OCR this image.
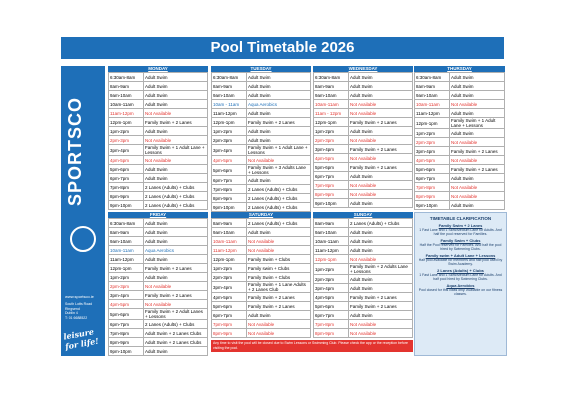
Pool Timetable 2026
SPORTSCO
www.sportsco.ie
South Lotts Road
Ringsend
Dublin 4
T: 01 6688522
leisure for life!
MONDAY
6:30am-8am	Adult Swim
8am-9am	Adult Swim
9am-10am	Adult Swim
10am-11am	Adult Swim
11am-12pm	Not Available
12pm-1pm	Family Swim + 2 Lanes
1pm-2pm	Adult Swim
2pm-3pm	Not Available
3pm-4pm	Family Swim + 1 Adult Lane + Lessons
4pm-5pm	Not Available
5pm-6pm	Adult Swim
6pm-7pm	Adult Swim
7pm-8pm	2 Lanes (Adults) + Clubs
8pm-9pm	2 Lanes (Adults) + Clubs
9pm-10pm	2 Lanes (Adults) + Clubs
TUESDAY
6:30am-8am	Adult Swim
8am-9am	Adult Swim
9am-10am	Adult Swim
10am - 11am	Aqua Aerobics
11am-12pm	Adult Swim
12pm-1pm	Family Swim + 2 Lanes
1pm-2pm	Adult Swim
2pm-3pm	Adult Swim
3pm-4pm	Family Swim + 1 Adult Lane + Lessons
4pm-5pm	Not Available
5pm-6pm	Family Swim + 3 Adults Lane + Lessons
6pm-7pm	Adult Swim
7pm-8pm	2 Lanes (Adults) + Clubs
8pm-9pm	2 Lanes (Adults) + Clubs
9pm-10pm	2 Lanes (Adults) + Clubs
WEDNESDAY
6:30am-8am	Adult Swim
8am-9am	Adult Swim
9am-10am	Adult Swim
10am-11am	Not Available
11am - 12pm	Not Available
12pm-1pm	Family Swim + 2 Lanes
1pm-2pm	Adult Swim
2pm-3pm	Not Available
3pm-4pm	Family Swim + 2 Lanes
4pm-5pm	Not Available
5pm-6pm	Family Swim + 2 Lanes
6pm-7pm	Adult Swim
7pm-8pm	Not Available
8pm-9pm	Not Available
9pm-10pm	Adult Swim
THURSDAY
6:30am-8am	Adult Swim
8am-9am	Adult Swim
9am-10am	Adult Swim
10am-11am	Not Available
11am-12pm	Adult Swim
12pm-1pm	Family Swim + 1 Adult Lane + Lessons
1pm-2pm	Adult Swim
2pm-3pm	Not Available
3pm-4pm	Family Swim + 2 Lanes
4pm-5pm	Not Available
5pm-6pm	Family Swim + 2 Lanes
6pm-7pm	Adult Swim
7pm-8pm	Not Available
8pm-9pm	Not Available
9pm-10pm	Adult Swim
FRIDAY
6:30am-8am	Adult Swim
8am-9am	Adult Swim
9am-10am	Adult Swim
10am-11am	Aqua Aerobics
11am-12pm	Adult Swim
12pm-1pm	Family Swim + 2 Lanes
1pm-2pm	Adult Swim
2pm-3pm	Not Available
3pm-4pm	Family Swim + 2 Lanes
4pm-5pm	Not Available
5pm-6pm	Family Swim + 2 Adult Lanes + Lessons
6pm-7pm	2 Lanes (Adults) + Clubs
7pm-8pm	Adult Swim + 2 Lanes Clubs
8pm-9pm	Adult Swim + 2 Lanes Clubs
9pm-10pm	Adult Swim
SATURDAY
8am-9am	2 Lanes (Adults) + Clubs
9am-10am	Adult Swim
10am-11am	Not Available
11am-12pm	Not Available
12pm-1pm	Family Swim + Clubs
1pm-2pm	Family swim + Clubs
2pm-3pm	Family Swim + Clubs
3pm-4pm	Family Swim + 1 Lane Adults + 2 Lanes Club
4pm-5pm	Family Swim + 2 Lanes
5pm-6pm	Family Swim + 2 Lanes
6pm-7pm	Adult Swim
7pm-8pm	Not Available
8pm-9pm	Not Available
SUNDAY
8am-9am	2 Lanes (Adults) + Clubs
9am-10am	Adult Swim
10am-11am	Adult Swim
11am-12pm	Adult Swim
12pm-1pm	Not Available
1pm-2pm	Family Swim + 2 Adults Lane + Lessons
2pm-3pm	Adult Swim
3pm-4pm	Adult Swim
4pm-5pm	Family Swim + 2 Lanes
5pm-6pm	Family Swim + 2 Lanes
6pm-7pm	Adult Swim
7pm-8pm	Not Available
8pm-9pm	Not Available
TIMETABLE CLARIFICATION
Family Swim + 2 Lanes
1 Fast Lane and 1 Slow/Medium Lane for Adults. And half the pool reserved for Families.
Family Swim + Clubs
Half the Pool reserved for Families. And half the pool hired by Swimming Clubs.
Family swim + Adult Lane + Lessons
Half pool available for members and half pool used by Swim Academy.
2 Lanes (Adults) + Clubs
1 Fast Lane and 1 Slow/Medium Lane for Adults. And half pool hired by Swimming Clubs.
Aqua Aerobics
Pool closed for this class only. Available on our fitness classes.
Any time to visit the pool will be closed due to Swim Lessons or Swimming Club. Please check the app or the reception before visiting the pool.
